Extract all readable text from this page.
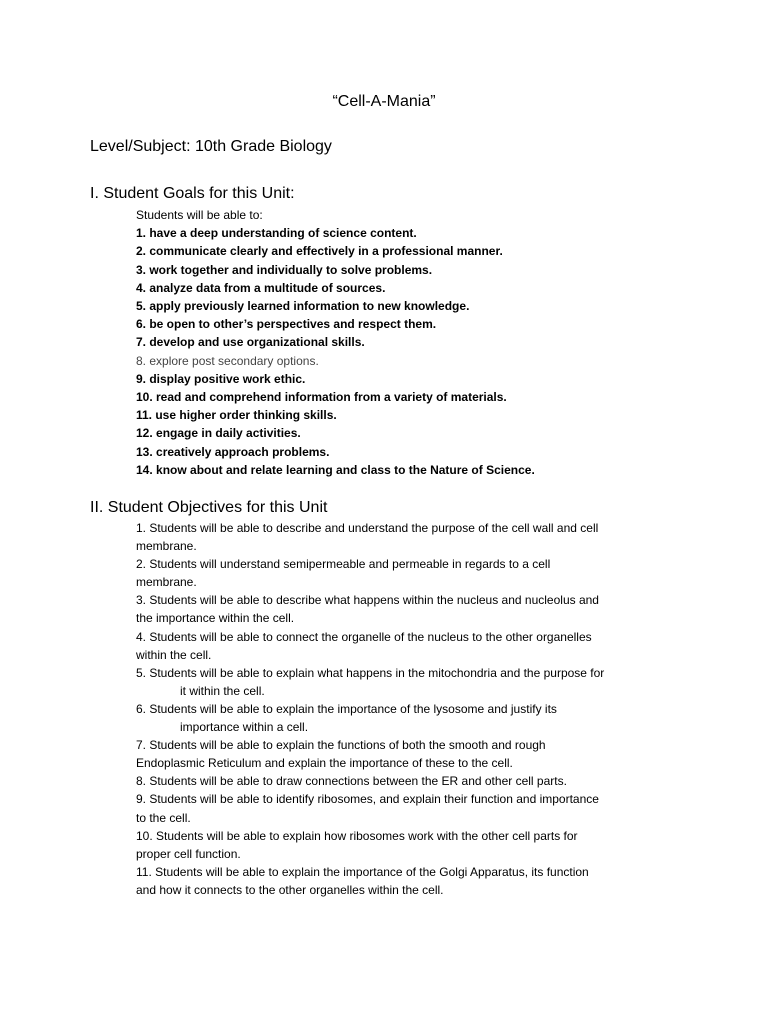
“Cell-A-Mania”
Level/Subject: 10th Grade Biology
I. Student Goals for this Unit:
Students will be able to:
1. have a deep understanding of science content.
2. communicate clearly and effectively in a professional manner.
3. work together and individually to solve problems.
4. analyze data from a multitude of sources.
5. apply previously learned information to new knowledge.
6. be open to other’s perspectives and respect them.
7. develop and use organizational skills.
8. explore post secondary options.
9. display positive work ethic.
10. read and comprehend information from a variety of materials.
11. use higher order thinking skills.
12. engage in daily activities.
13. creatively approach problems.
14. know about and relate learning and class to the Nature of Science.
II. Student Objectives for this Unit
1. Students will be able to describe and understand the purpose of the cell wall and cell
membrane.
2. Students will understand semipermeable and permeable in regards to a cell
membrane.
3. Students will be able to describe what happens within the nucleus and nucleolus and
the importance within the cell.
4. Students will be able to connect the organelle of the nucleus to the other organelles
within the cell.
5. Students will be able to explain what happens in the mitochondria and the purpose for
it within the cell.
6. Students will be able to explain the importance of the lysosome and justify its
importance within a cell.
7. Students will be able to explain the functions of both the smooth and rough
Endoplasmic Reticulum and explain the importance of these to the cell.
8. Students will be able to draw connections between the ER and other cell parts.
9. Students will be able to identify ribosomes, and explain their function and importance
to the cell.
10. Students will be able to explain how ribosomes work with the other cell parts for
proper cell function.
11. Students will be able to explain the importance of the Golgi Apparatus, its function
and how it connects to the other organelles within the cell.
